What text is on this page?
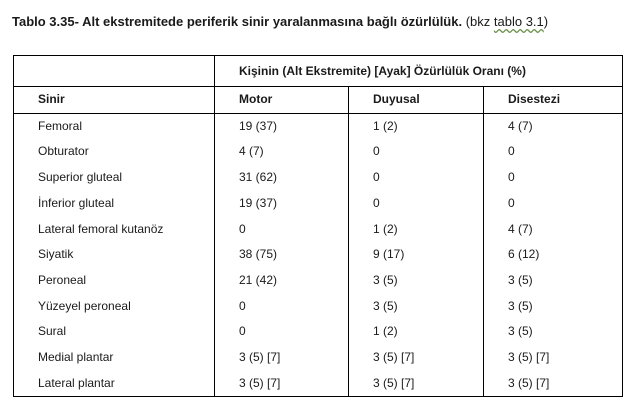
Tablo 3.35- Alt ekstremitede periferik sinir yaralanmasına bağlı özürlülük. (bkz tablo 3.1)
	Kişinin (Alt Ekstremite) [Ayak] Özürlülük Oranı (%)		
Sinir	Motor	Duyusal	Disestezi
Femoral	19 (37)	1 (2)	4 (7)
Obturator	4 (7)	0	0
Superior gluteal	31 (62)	0	0
İnferior gluteal	19 (37)	0	0
Lateral femoral kutanöz	0	1 (2)	4 (7)
Siyatik	38 (75)	9 (17)	6 (12)
Peroneal	21 (42)	3 (5)	3 (5)
Yüzeyel peroneal	0	3 (5)	3 (5)
Sural	0	1 (2)	3 (5)
Medial plantar	3 (5) [7]	3 (5) [7]	3 (5) [7]
Lateral plantar	3 (5) [7]	3 (5) [7]	3 (5) [7]
